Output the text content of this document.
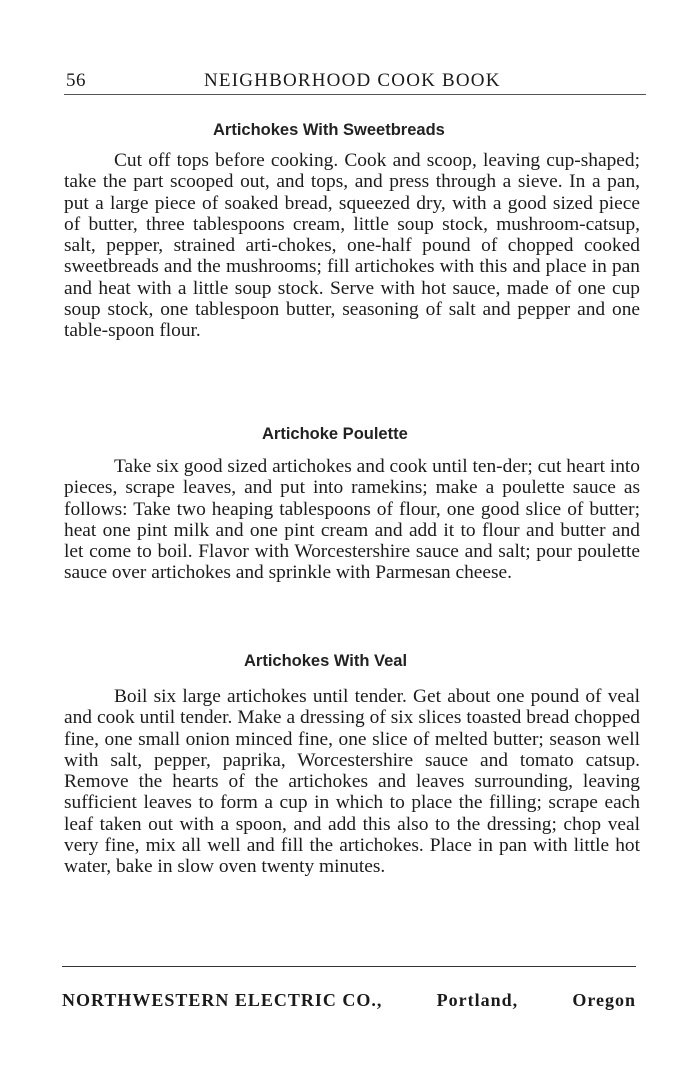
56	NEIGHBORHOOD COOK BOOK
Artichokes With Sweetbreads

Cut off tops before cooking. Cook and scoop, leaving cup-shaped; take the part scooped out, and tops, and press through a sieve. In a pan, put a large piece of soaked bread, squeezed dry, with a good sized piece of butter, three tablespoons cream, little soup stock, mushroom-catsup, salt, pepper, strained arti-chokes, one-half pound of chopped cooked sweetbreads and the mushrooms; fill artichokes with this and place in pan and heat with a little soup stock. Serve with hot sauce, made of one cup soup stock, one tablespoon butter, seasoning of salt and pepper and one table-spoon flour.

Artichoke Poulette

Take six good sized artichokes and cook until ten-der; cut heart into pieces, scrape leaves, and put into ramekins; make a poulette sauce as follows: Take two heaping tablespoons of flour, one good slice of butter; heat one pint milk and one pint cream and add it to flour and butter and let come to boil. Flavor with Worcestershire sauce and salt; pour poulette sauce over artichokes and sprinkle with Parmesan cheese.

Artichokes With Veal

Boil six large artichokes until tender. Get about one pound of veal and cook until tender. Make a dressing of six slices toasted bread chopped fine, one small onion minced fine, one slice of melted butter; season well with salt, pepper, paprika, Worcestershire sauce and tomato catsup. Remove the hearts of the artichokes and leaves surrounding, leaving sufficient leaves to form a cup in which to place the filling; scrape each leaf taken out with a spoon, and add this also to the dressing; chop veal very fine, mix all well and fill the artichokes. Place in pan with little hot water, bake in slow oven twenty minutes.

NORTHWESTERN ELECTRIC CO.,	Portland,	Oregon
